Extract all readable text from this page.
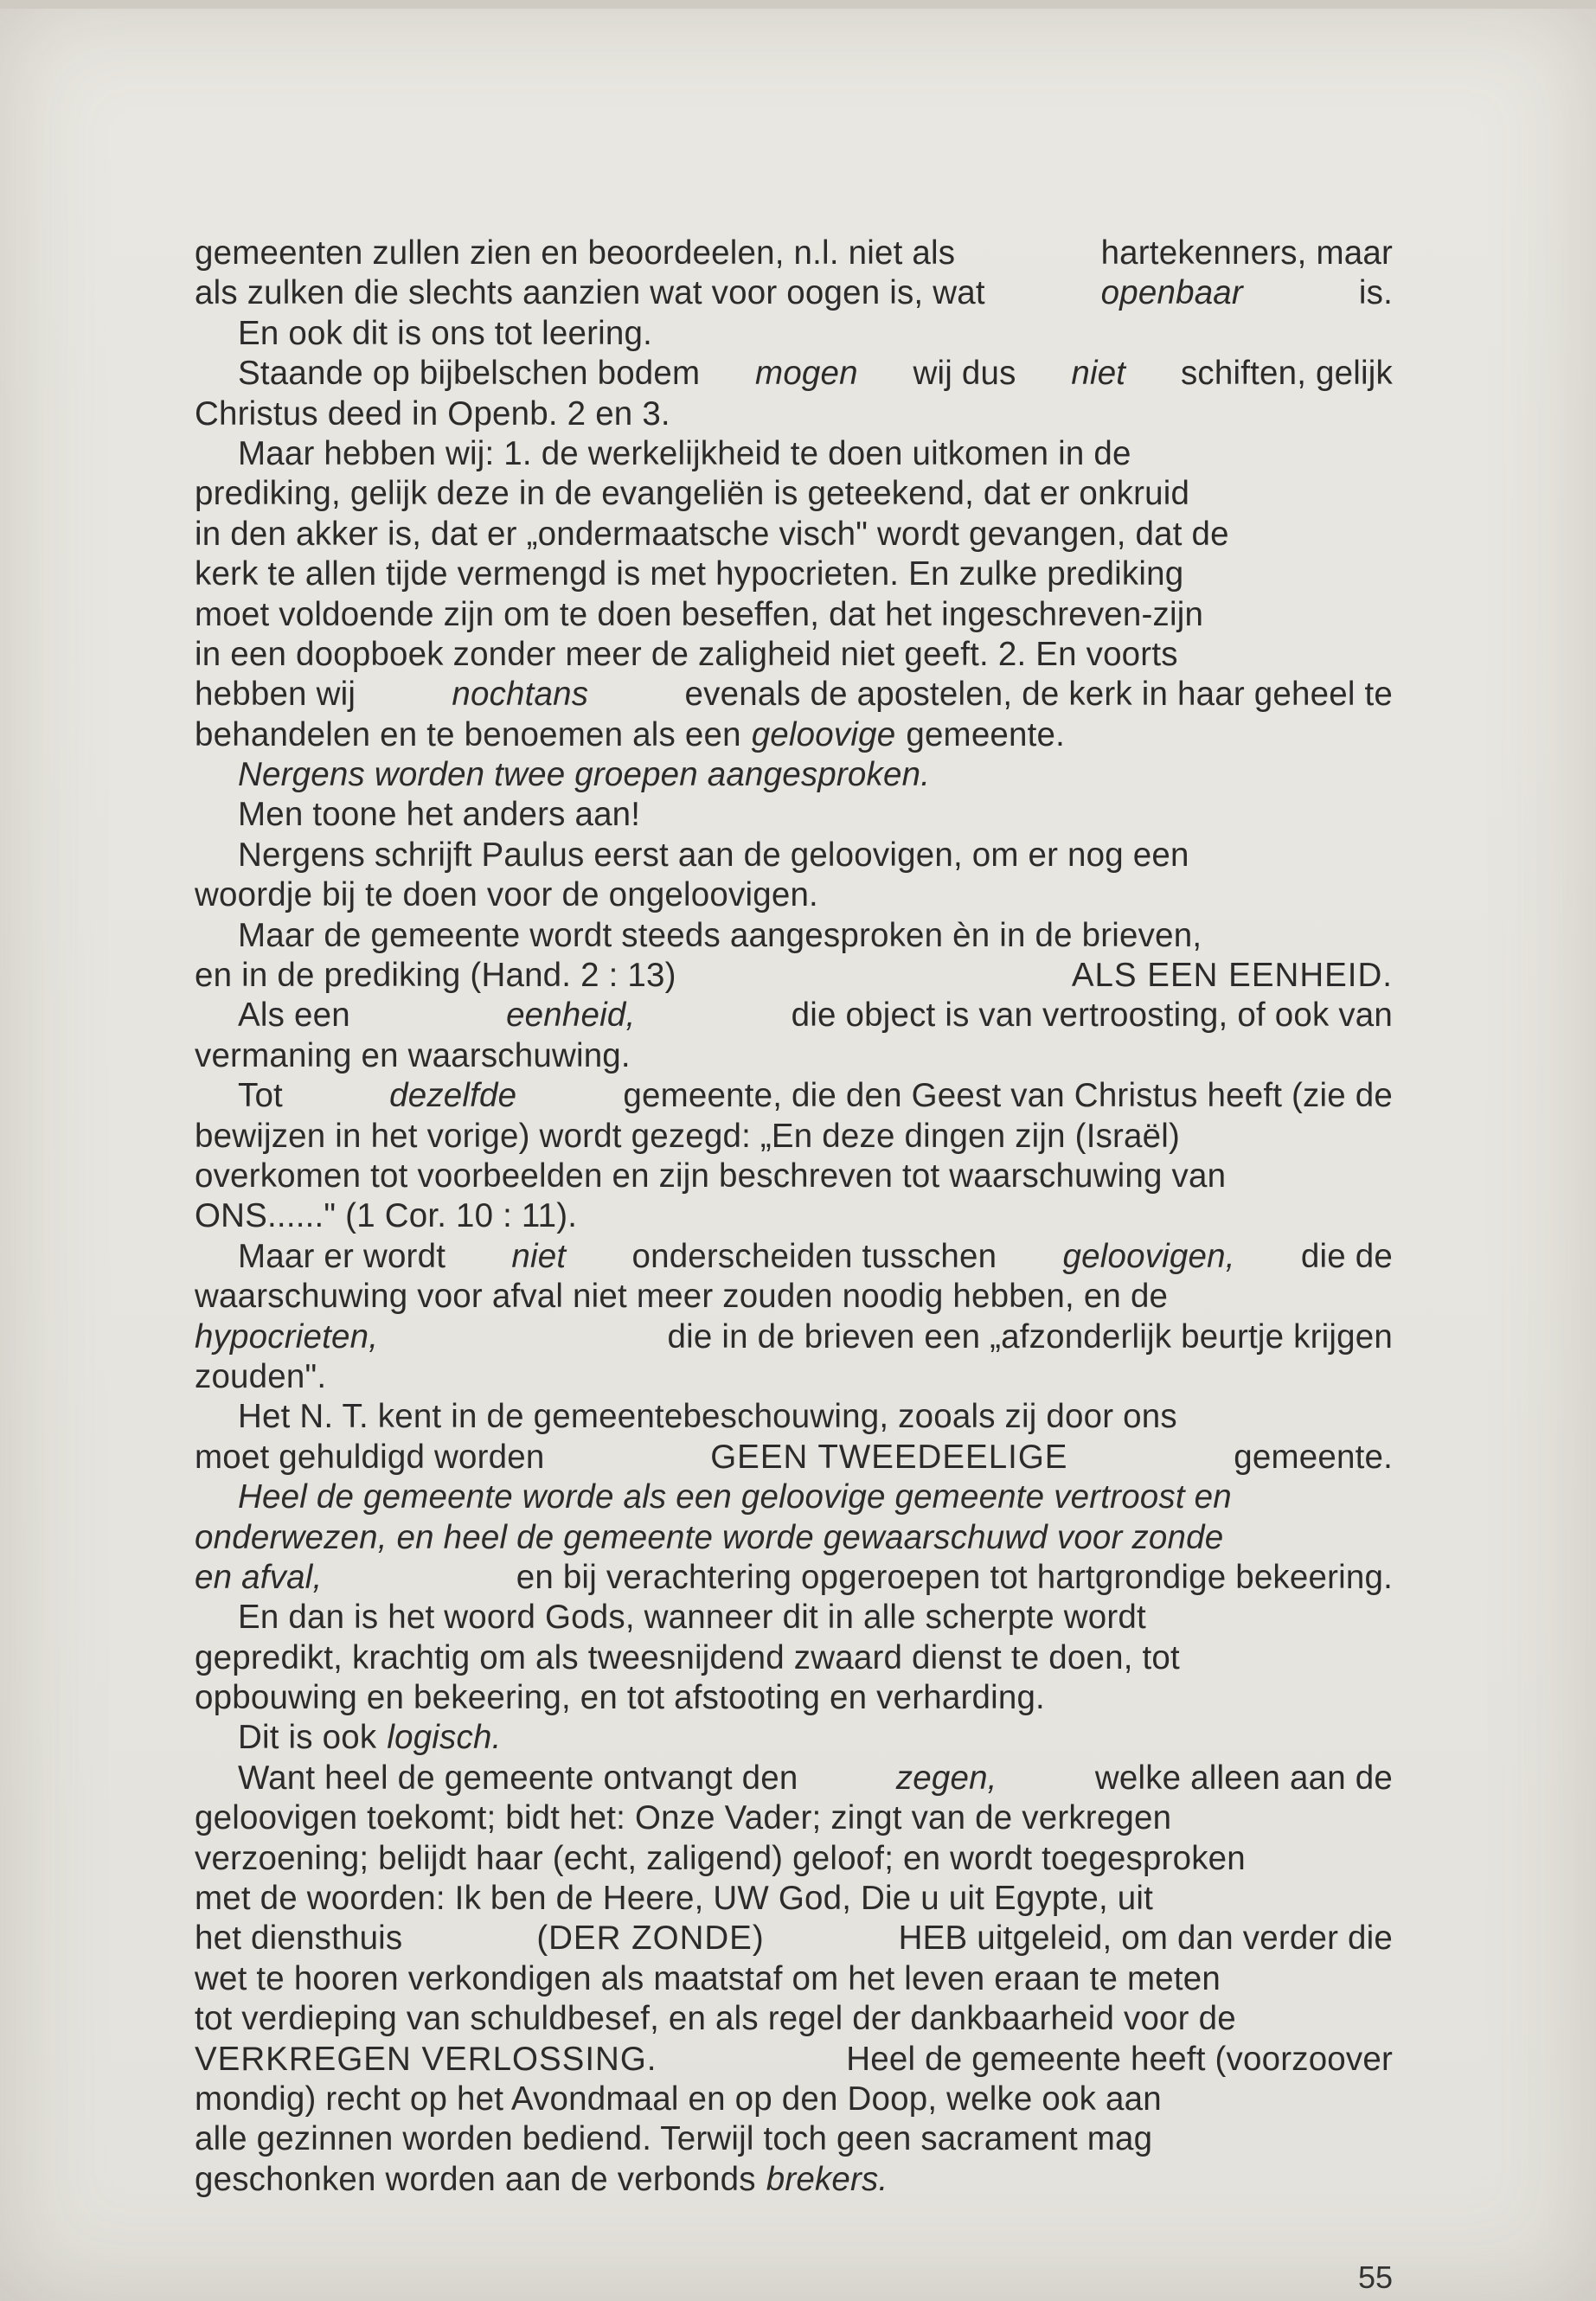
gemeenten zullen zien en beoordeelen, n.l. niet als	hartekenners, maar
als zulken die slechts aanzien wat voor oogen is, wat	openbaar	is.
En ook dit is ons tot leering.
Staande op bijbelschen bodem mogen wij dus niet schiften, gelijk
Christus deed in Openb. 2 en 3.
Maar hebben wij: 1. de werkelijkheid te doen uitkomen in de
prediking, gelijk deze in de evangeliën is geteekend, dat er onkruid
in den akker is, dat er „ondermaatsche visch" wordt gevangen, dat de
kerk te allen tijde vermengd is met hypocrieten. En zulke prediking
moet voldoende zijn om te doen beseffen, dat het ingeschreven-zijn
in een doopboek zonder meer de zaligheid niet geeft. 2. En voorts
hebben wij	nochtans	evenals de apostelen, de kerk in haar geheel te
behandelen en te benoemen als een geloovige gemeente.
Nergens worden twee groepen aangesproken.
Men toone het anders aan!
Nergens schrijft Paulus eerst aan de geloovigen, om er nog een
woordje bij te doen voor de ongeloovigen.
Maar de gemeente wordt steeds aangesproken èn in de brieven,
en in de prediking (Hand. 2 : 13)	ALS EEN EENHEID.
Als een	eenheid,	die object is van vertroosting, of ook van
vermaning en waarschuwing.
Tot	dezelfde	gemeente, die den Geest van Christus heeft (zie de
bewijzen in het vorige) wordt gezegd: „En deze dingen zijn (Israël)
overkomen tot voorbeelden en zijn beschreven tot waarschuwing van
ONS......" (1 Cor. 10 : 11).
Maar er wordt niet onderscheiden tusschen geloovigen, die de
waarschuwing voor afval niet meer zouden noodig hebben, en de
hypocrieten,	die in de brieven een „afzonderlijk beurtje krijgen
zouden".
Het N. T. kent in de gemeentebeschouwing, zooals zij door ons
moet gehuldigd worden	GEEN TWEEDEELIGE	gemeente.
Heel de gemeente worde als een geloovige gemeente vertroost en
onderwezen, en heel de gemeente worde gewaarschuwd voor zonde
en afval,	en bij verachtering opgeroepen tot hartgrondige bekeering.
En dan is het woord Gods, wanneer dit in alle scherpte wordt
gepredikt, krachtig om als tweesnijdend zwaard dienst te doen, tot
opbouwing en bekeering, en tot afstooting en verharding.
Dit is ook logisch.
Want heel de gemeente ontvangt den	zegen,	welke alleen aan de
geloovigen toekomt; bidt het: Onze Vader; zingt van de verkregen
verzoening; belijdt haar (echt, zaligend) geloof; en wordt toegesproken
met de woorden: Ik ben de Heere, UW God, Die u uit Egypte, uit
het diensthuis	(DER ZONDE)	HEB uitgeleid, om dan verder die
wet te hooren verkondigen als maatstaf om het leven eraan te meten
tot verdieping van schuldbesef, en als regel der dankbaarheid voor de
VERKREGEN VERLOSSING.	Heel de gemeente heeft (voorzoover
mondig) recht op het Avondmaal en op den Doop, welke ook aan
alle gezinnen worden bediend. Terwijl toch geen sacrament mag
geschonken worden aan de verbonds brekers.
55
